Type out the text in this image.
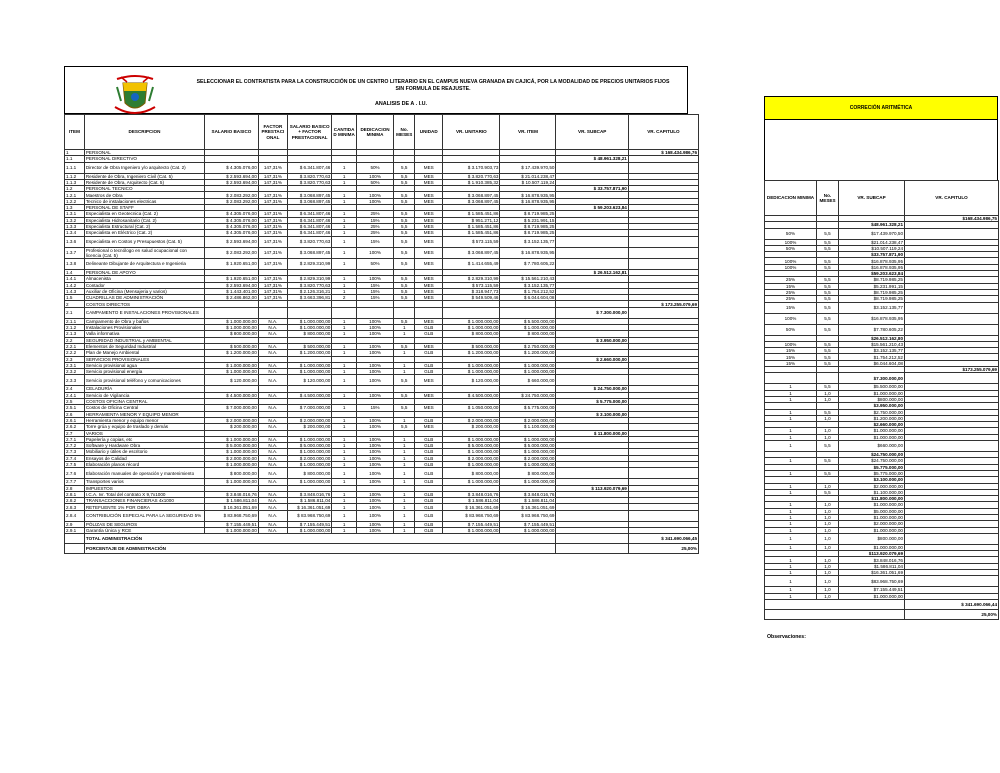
SELECCIONAR EL CONTRATISTA PARA LA CONSTRUCCIÓN DE UN CENTRO LITERARIO EN EL CAMPUS NUEVA GRANADA EN CAJICÁ, POR LA MODALIDAD DE PRECIOS UNITARIOS FIJOS SIN FORMULA DE REAJUSTE.
ANALISIS DE A . I.U.
CORRECIÓN ARITMÉTICA
ITEM	DESCRIPCION	SALARIO BASICO	FACTOR PRESTACI ONAL	SALARIO BASICO + FACTOR PRESTACIONAL	CANTIDA D MINIMA	DEDICACION MINIMA	No. MESES	UNIDAD	VR. UNITARIO	VR. ITEM	VR. SUBCAP	VR. CAPITULO
1	PERSONAL											$ 168.434.986,76
1.1	PERSONAL DIRECTIVO										$ 48.961.328,21	
1.1.1	Director de Obra Ingeniero y/o arquitecto (Cat. 2)	$ 4.305.076,00	147,31%	$ 6.341.807,46	1	50%	5,5	MES	$ 3.170.903,73	$ 17.439.970,50		
1.1.2	Residente de Obra, Ingeniero Civil (Cat. 5)	$ 2.593.694,00	147,31%	$ 3.820.770,63	1	100%	5,5	MES	$ 3.820.770,63	$ 21.014.238,47		
1.1.3	Residente de Obra, Arquitecto (Cat. 5)	$ 2.593.694,00	147,31%	$ 3.820.770,63	1	50%	5,5	MES	$ 1.910.385,32	$ 10.507.119,24		
1.2	PERSONAL TECNICO										$ 33.757.871,90	
1.2.1	Maestros de Obra	$ 2.083.292,00	147,31%	$ 3.068.897,45	1	100%	5,5	MES	$ 3.068.897,45	$ 16.878.935,95		
1.2.2	Tecnico de instalaciones electricas	$ 2.083.292,00	147,31%	$ 3.068.897,45	1	100%	5,5	MES	$ 3.068.897,45	$ 16.878.935,95		
1.3	PERSONAL DE STAFF										$ 59.203.623,84	
1.3.1	Especialista en Geotecnica (Cat. 2)	$ 4.305.076,00	147,31%	$ 6.341.807,46	1	25%	5,5	MES	$ 1.585.451,86	$ 8.719.985,25		
1.3.2	Especialista Hidrosanitario (Cat. 2)	$ 4.305.076,00	147,31%	$ 6.341.807,46	1	15%	5,5	MES	$ 951.271,12	$ 5.231.991,15		
1.3.3	Especialista Estructural (Cat. 2)	$ 4.305.076,00	147,31%	$ 6.341.807,46	1	25%	5,5	MES	$ 1.585.451,86	$ 8.719.985,25		
1.3.4	Especialista en Eléctrico (Cat. 2)	$ 4.305.076,00	147,31%	$ 6.341.807,46	1	25%	5,5	MES	$ 1.585.451,86	$ 8.719.985,25		
1.3.6	Especialista en Costos y Presupuestos (Cat. 5)	$ 2.593.694,00	147,31%	$ 3.820.770,63	1	15%	5,5	MES	$ 573.115,59	$ 3.152.135,77		
1.3.7	Profesional o tecnólogo en salud ocupacional con licencia (Cat. 5)	$ 2.083.292,00	147,31%	$ 3.068.897,45	1	100%	5,5	MES	$ 3.068.897,45	$ 16.878.935,95		
1.3.8	Delineante Dibujante de Arquitectura e Ingenieria	$ 1.920.651,00	147,31%	$ 2.829.310,99	1	50%	5,5	MES	$ 1.414.655,49	$ 7.780.605,22		
1.4	PERSONAL DE APOYO										$ 26.512.162,81	
1.4.1	Almacenista	$ 1.920.651,00	147,31%	$ 2.829.310,99	1	100%	5,5	MES	$ 2.829.310,99	$ 15.561.210,43		
1.4.2	Contador	$ 2.593.694,00	147,31%	$ 3.820.770,63	1	15%	5,5	MES	$ 573.115,59	$ 3.152.135,77		
1.4.3	Auxiliar de Oficina (Mensajeria y varios)	$ 1.443.401,00	147,31%	$ 2.126.316,21	1	15%	5,5	MES	$ 318.947,73	$ 1.754.212,52		
1.5	CUADRILLAS DE ADMINISTRACIÓN	$ 2.486.862,00	147,31%	$ 3.663.396,81	2	15%	5,5	MES	$ 549.509,46	$ 6.044.604,08		
2	COSTOS DIRECTOS											$ 173.255.079,69
2.1	CAMPAMENTO E INSTALACIONES PROVISIONALES										$ 7.300.000,00	
2.1.1	Campamento de Obra y baños	$ 1.000.000,00	N.A.	$ 1.000.000,00	1	100%	5,5	MES	$ 1.000.000,00	$ 5.500.000,00		
2.1.2	Instalaciones Provisionales	$ 1.000.000,00	N.A.	$ 1.000.000,00	1	100%	1	GLB	$ 1.000.000,00	$ 1.000.000,00		
2.1.3	Valla informativa	$ 800.000,00	N.A.	$ 800.000,00	1	100%	1	GLB	$ 800.000,00	$ 800.000,00		
2.2	SEGURIDAD INDUSTRIAL y AMBIENTAL										$ 3.950.000,00	
2.2.1	Elementos de Seguridad Industrial	$ 500.000,00	N.A.	$ 500.000,00	1	100%	5,5	MES	$ 500.000,00	$ 2.750.000,00		
2.2.2	Plan de Manejo Ambiental	$ 1.200.000,00	N.A.	$ 1.200.000,00	1	100%	1	GLB	$ 1.200.000,00	$ 1.200.000,00		
2.3	SERVICIOS PROVISIONALES										$ 2.660.000,00	
2.3.1	Servicio provisional agua	$ 1.000.000,00	N.A.	$ 1.000.000,00	1	100%	1	GLB	$ 1.000.000,00	$ 1.000.000,00		
2.3.2	Servicio provisional energía	$ 1.000.000,00	N.A.	$ 1.000.000,00	1	100%	1	GLB	$ 1.000.000,00	$ 1.000.000,00		
2.3.3	Servicio provisional teléfono y comunicaciones	$ 120.000,00	N.A.	$ 120.000,00	1	100%	5,5	MES	$ 120.000,00	$ 660.000,00		
2.4	CELADURÍA										$ 24.750.000,00	
2.4.1	Servicio de Vigilancia	$ 4.500.000,00	N.A.	$ 4.500.000,00	1	100%	5,5	MES	$ 4.500.000,00	$ 24.750.000,00		
2.5	COSTOS OFICINA CENTRAL										$ 5.775.000,00	
2.5.1	Costos de Oficina Central	$ 7.000.000,00	N.A.	$ 7.000.000,00	1	15%	5,5	MES	$ 1.050.000,00	$ 5.775.000,00		
2.6	HERRAMIENTA MENOR Y EQUIPO MENOR										$ 3.100.000,00	
2.6.1	Herramienta menor y equipo menor	$ 2.000.000,00	N.A.	$ 2.000.000,00	1	100%	1	GLB	$ 2.000.000,00	$ 2.000.000,00		
2.6.2	Torre grúa y equipo de traslado y demás	$ 200.000,00	N.A.	$ 200.000,00	1	100%	5,5	MES	$ 200.000,00	$ 1.100.000,00		
2.7	VARIOS										$ 11.800.000,00	
2.7.1	Papelería y copias, etc	$ 1.000.000,00	N.A.	$ 1.000.000,00	1	100%	1	GLB	$ 1.000.000,00	$ 1.000.000,00		
2.7.2	Software y Hardware Obra	$ 5.000.000,00	N.A.	$ 5.000.000,00	1	100%	1	GLB	$ 5.000.000,00	$ 5.000.000,00		
2.7.3	Mobiliario y útiles de escritorio	$ 1.000.000,00	N.A.	$ 1.000.000,00	1	100%	1	GLB	$ 1.000.000,00	$ 1.000.000,00		
2.7.4	Ensayos de Calidad	$ 2.000.000,00	N.A.	$ 2.000.000,00	1	100%	1	GLB	$ 2.000.000,00	$ 2.000.000,00		
2.7.5	Elaboración planos récord	$ 1.000.000,00	N.A.	$ 1.000.000,00	1	100%	1	GLB	$ 1.000.000,00	$ 1.000.000,00		
2.7.6	Elaboración manuales de operación y mantenimiento	$ 800.000,00	N.A.	$ 800.000,00	1	100%	1	GLB	$ 800.000,00	$ 800.000,00		
2.7.7	Transportes varios	$ 1.000.000,00	N.A.	$ 1.000.000,00	1	100%	1	GLB	$ 1.000.000,00	$ 1.000.000,00		
2.8	IMPUESTOS										$ 113.920.079,69	
2.8.1	I.C.A. Ivr. Total del contrato X 9,7x1000	$ 3.848.016,76	N.A.	$ 3.848.016,76	1	100%	1	GLB	$ 3.848.016,76	$ 3.848.016,76		
2.8.2	TRANSACCIONES FINANCIERAS 4x1000	$ 1.586.811,04	N.A.	$ 1.586.811,04	1	100%	1	GLB	$ 1.586.811,04	$ 1.586.811,04		
2.8.3	RETEFUENTE 1% POR OBRA	$ 16.361.051,69	N.A.	$ 16.361.051,69	1	100%	1	GLB	$ 16.361.051,69	$ 16.361.051,69		
2.8.4	CONTRIBUCIÓN ESPECIAL PARA LA SEGURIDAD 5%	$ 83.968.750,69	N.A.	$ 83.968.750,69	1	100%	1	GLB	$ 83.968.750,69	$ 83.968.750,69		
2.9	PÓLIZAS DE SEGUROS	$ 7.155.449,51	N.A.	$ 7.155.449,51	1	100%	1	GLB	$ 7.155.449,51	$ 7.155.449,51		
2.9.1	Garantía Única y RCE	$ 1.000.000,00	N.A.	$ 1.000.000,00	1	100%	1	GLB	$ 1.000.000,00	$ 1.000.000,00		
	TOTAL ADMINISTRACIÓN											$ 341.690.066,45
	PORCENTAJE DE ADMINISTRACIÓN											25,00%
DEDICACION MINIMA	No. MESES	VR. SUBCAP	VR. CAPITULO
			$168.434.986,75
		$48.961.328,21	
50%	5,5	$17.439.970,50	
100%	5,5	$21.014.238,47	
50%	5,5	$10.507.119,24	
		$33.757.871,90	
100%	5,5	$16.878.935,95	
100%	5,5	$16.878.935,95	
		$59.203.623,84	
25%	5,5	$8.719.985,25	
15%	5,5	$5.231.991,15	
25%	5,5	$8.719.985,25	
25%	5,5	$8.719.985,25	
15%	5,5	$3.152.135,77	
100%	5,5	$16.878.935,95	
50%	5,5	$7.780.605,22	
		$26.512.162,80	
100%	5,5	$15.561.210,43	
15%	5,5	$3.152.135,77	
15%	5,5	$1.754.212,52	
15%	5,5	$6.044.604,08	
			$173.255.079,69
		$7.300.000,00	
1	5,5	$5.500.000,00	
1	1,0	$1.000.000,00	
1	1,0	$800.000,00	
		$3.950.000,00	
1	5,5	$2.750.000,00	
1	1,0	$1.200.000,00	
		$2.660.000,00	
1	1,0	$1.000.000,00	
1	1,0	$1.000.000,00	
1	5,5	$660.000,00	
		$24.750.000,00	
1	5,5	$24.750.000,00	
		$5.775.000,00	
1	5,5	$5.775.000,00	
		$3.100.000,00	
1	1,0	$2.000.000,00	
1	5,5	$1.100.000,00	
		$11.800.000,00	
1	1,0	$1.000.000,00	
1	1,0	$5.000.000,00	
1	1,0	$1.000.000,00	
1	1,0	$2.000.000,00	
1	1,0	$1.000.000,00	
1	1,0	$800.000,00	
1	1,0	$1.000.000,00	
		$113.920.079,69	
1	1,0	$3.848.016,76	
1	1,0	$1.586.811,04	
1	1,0	$16.361.051,69	
1	1,0	$83.968.750,69	
1	1,0	$7.155.449,51	
1	1,0	$1.000.000,00	
			$ 341.690.066,44
			25,00%
Observaciones:
